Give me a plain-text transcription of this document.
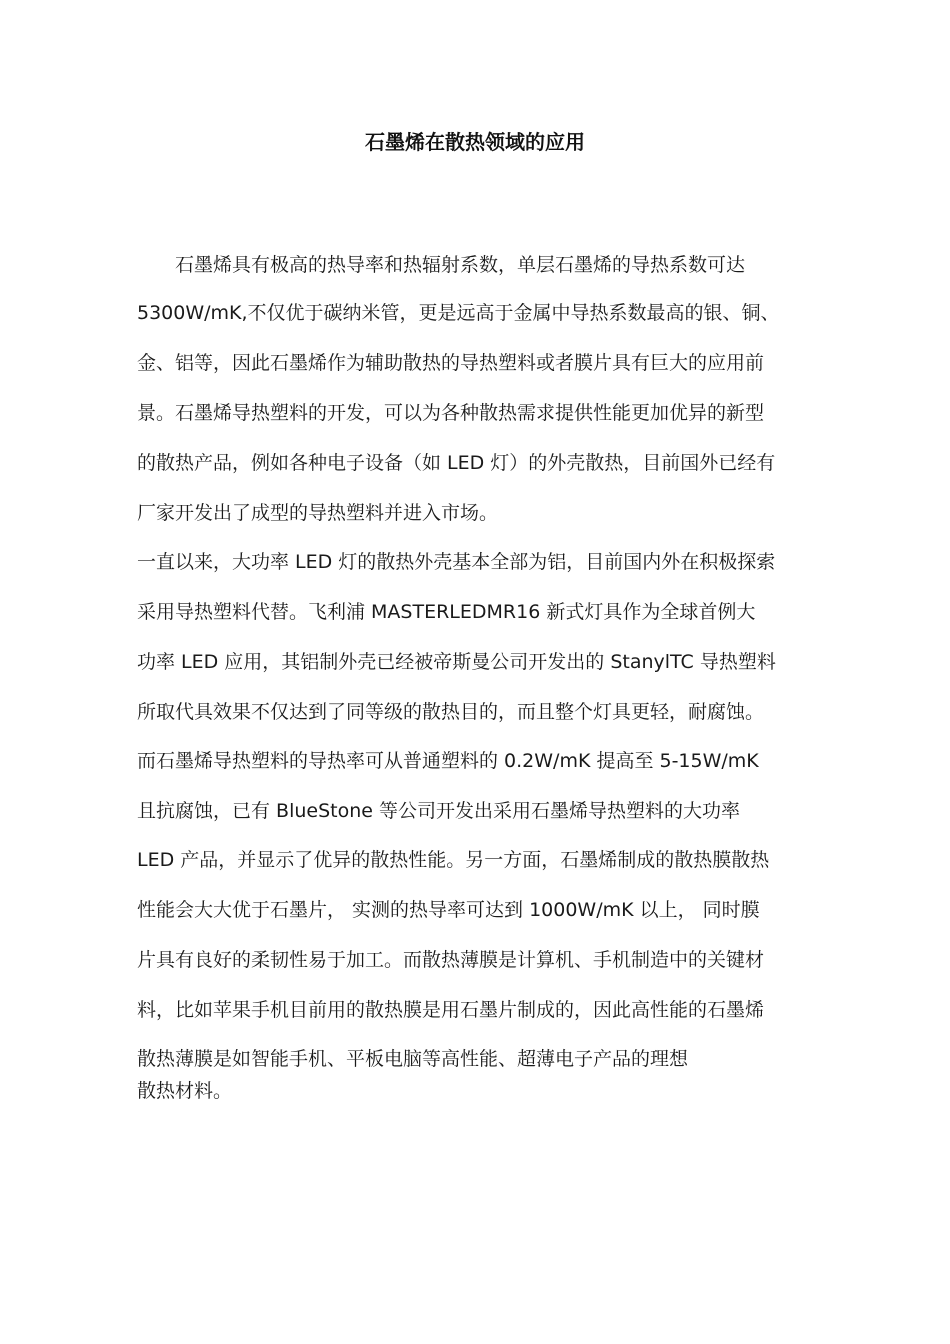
石墨烯在散热领域的应用

　　石墨烯具有极高的热导率和热辐射系数，单层石墨烯的导热系数可达

5300W/mK,不仅优于碳纳米管，更是远高于金属中导热系数最高的银、铜、

金、铝等，因此石墨烯作为辅助散热的导热塑料或者膜片具有巨大的应用前

景。石墨烯导热塑料的开发，可以为各种散热需求提供性能更加优异的新型

的散热产品，例如各种电子设备（如 LED 灯）的外壳散热，目前国外已经有

厂家开发出了成型的导热塑料并进入市场。

一直以来，大功率 LED 灯的散热外壳基本全部为铝，目前国内外在积极探索

采用导热塑料代替。飞利浦 MASTERLEDMR16 新式灯具作为全球首例大

功率 LED 应用，其铝制外壳已经被帝斯曼公司开发出的 StanylTC 导热塑料

所取代具效果不仅达到了同等级的散热目的，而且整个灯具更轻，耐腐蚀。

而石墨烯导热塑料的导热率可从普通塑料的 0.2W/mK 提高至 5-15W/mK

且抗腐蚀，已有 BlueStone 等公司开发出采用石墨烯导热塑料的大功率

LED 产品，并显示了优异的散热性能。另一方面，石墨烯制成的散热膜散热

性能会大大优于石墨片， 实测的热导率可达到 1000W/mK 以上， 同时膜

片具有良好的柔韧性易于加工。而散热薄膜是计算机、手机制造中的关键材

料，比如苹果手机目前用的散热膜是用石墨片制成的，因此高性能的石墨烯

散热薄膜是如智能手机、平板电脑等高性能、超薄电子产品的理想

散热材料。
